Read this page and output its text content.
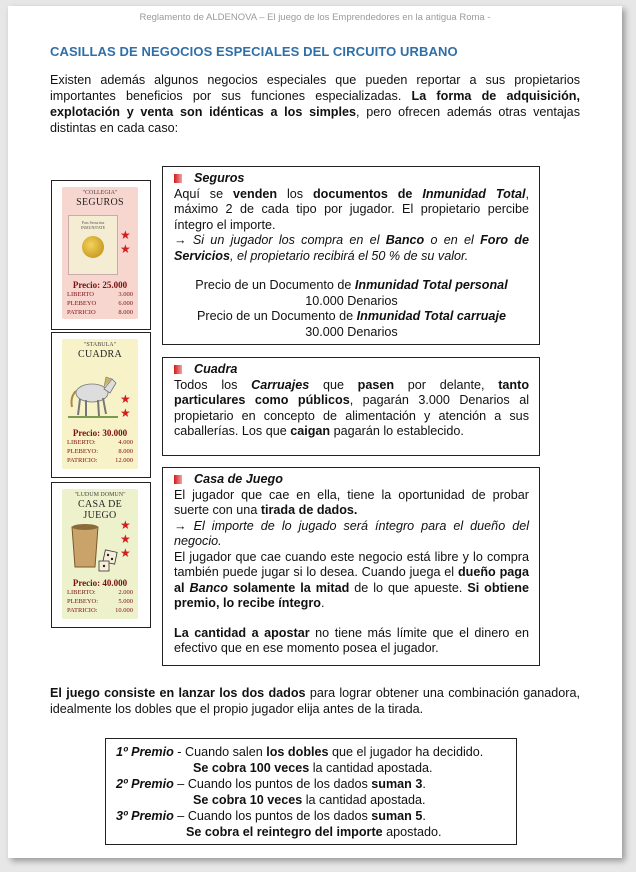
Reglamento de ALDENOVA – El juego de los Emprendedores en la antigua Roma -
CASILLAS DE NEGOCIOS ESPECIALES DEL CIRCUITO URBANO

Existen además algunos negocios especiales que pueden reportar a sus propietarios importantes beneficios por sus funciones especializadas. La forma de adquisición, explotación y venta son idénticas a los simples, pero ofrecen además otras ventajas distintas en cada caso:

"COLLEGIA"
SEGUROS
Pars Securitas
INMUNITATE
★
★
Precio: 25.000
LIBERTO	3.000
PLEBEYO	6.000
PATRICIO	8.000
"STABULA"
CUADRA
★
★
Precio: 30.000
LIBERTO:	4.000
PLEBEYO:	8.000
PATRICIO:	12.000
"LUDUM DOMUN"
CASA DE JUEGO
★
★
★
Precio: 40.000
LIBERTO:	2.000
PLEBEYO:	5.000
PATRICIO:	10.000
Seguros

Aquí se venden los documentos de Inmunidad Total, máximo 2 de cada tipo por jugador. El propietario percibe íntegro el importe.

→ Si un jugador los compra en el Banco o en el Foro de Servicios, el propietario recibirá el 50 % de su valor.

Precio de un Documento de Inmunidad Total personal

10.000 Denarios

Precio de un Documento de Inmunidad Total carruaje

30.000 Denarios

Cuadra

Todos los Carruajes que pasen por delante, tanto particulares como públicos, pagarán 3.000 Denarios al propietario en concepto de alimentación y atención a sus caballerías. Los que caigan pagarán lo establecido.

Casa de Juego

El jugador que cae en ella, tiene la oportunidad de probar suerte con una tirada de dados.

→ El importe de lo jugado será íntegro para el dueño del negocio.

El jugador que cae cuando este negocio está libre y lo compra también puede jugar si lo desea. Cuando juega el dueño paga al Banco solamente la mitad de lo que apueste. Si obtiene premio, lo recibe íntegro.

La cantidad a apostar no tiene más límite que el dinero en efectivo que en ese momento posea el jugador.

El juego consiste en lanzar los dos dados para lograr obtener una combinación ganadora, idealmente los dobles que el propio jugador elija antes de la tirada.

1º Premio - Cuando salen los dobles que el jugador ha decidido.
Se cobra 100 veces la cantidad apostada.
2º Premio – Cuando los puntos de los dados suman 3.
Se cobra 10 veces la cantidad apostada.
3º Premio – Cuando los puntos de los dados suman 5.
Se cobra el reintegro del importe apostado.
